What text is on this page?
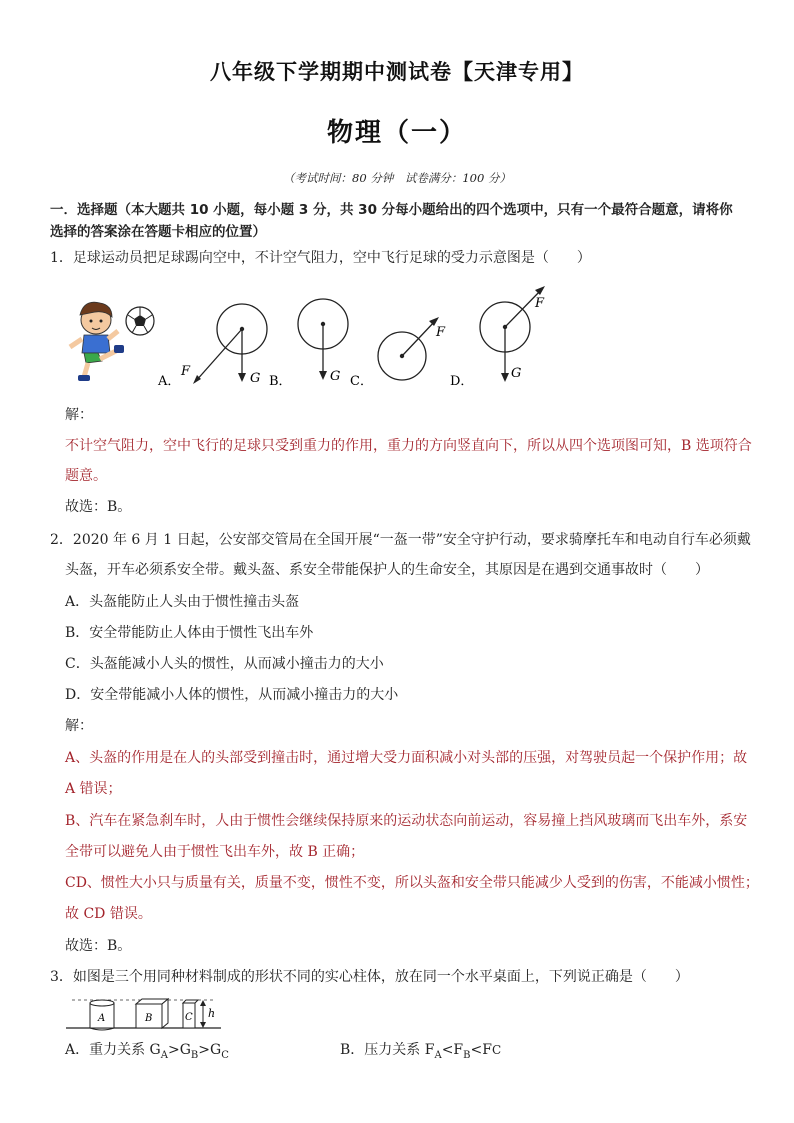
八年级下学期期中测试卷【天津专用】
物理（一）
（考试时间：80 分钟　试卷满分：100 分）
一．选择题（本大题共 10 小题，每小题 3 分，共 30 分每小题给出的四个选项中，只有一个最符合题意，请将你
选择的答案涂在答题卡相应的位置）
1．足球运动员把足球踢向空中，不计空气阻力，空中飞行足球的受力示意图是（　　）
A．
F	G B．	G C．
F
D．
F
G
解：
不计空气阻力，空中飞行的足球只受到重力的作用，重力的方向竖直向下，所以从四个选项图可知，B 选项符合
题意。
故选：B。
2．2020 年 6 月 1 日起，公安部交管局在全国开展“一盔一带”安全守护行动，要求骑摩托车和电动自行车必须戴
头盔，开车必须系安全带。戴头盔、系安全带能保护人的生命安全，其原因是在遇到交通事故时（　　）
A．头盔能防止人头由于惯性撞击头盔
B．安全带能防止人体由于惯性飞出车外
C．头盔能减小人头的惯性，从而减小撞击力的大小
D．安全带能减小人体的惯性，从而减小撞击力的大小
解：
A、头盔的作用是在人的头部受到撞击时，通过增大受力面积减小对头部的压强，对驾驶员起一个保护作用；故
A 错误；
B、汽车在紧急刹车时，人由于惯性会继续保持原来的运动状态向前运动，容易撞上挡风玻璃而飞出车外，系安
全带可以避免人由于惯性飞出车外，故 B 正确；
CD、惯性大小只与质量有关，质量不变，惯性不变，所以头盔和安全带只能减少人受到的伤害，不能减小惯性；
故 CD 错误。
故选：B。
3．如图是三个用同种材料制成的形状不同的实心柱体，放在同一个水平桌面上，下列说正确是（　　）
A	B	C h
A．重力关系 $G_A>G_B>G_C$	B．压力关系 $F_A<F_B<FC$
